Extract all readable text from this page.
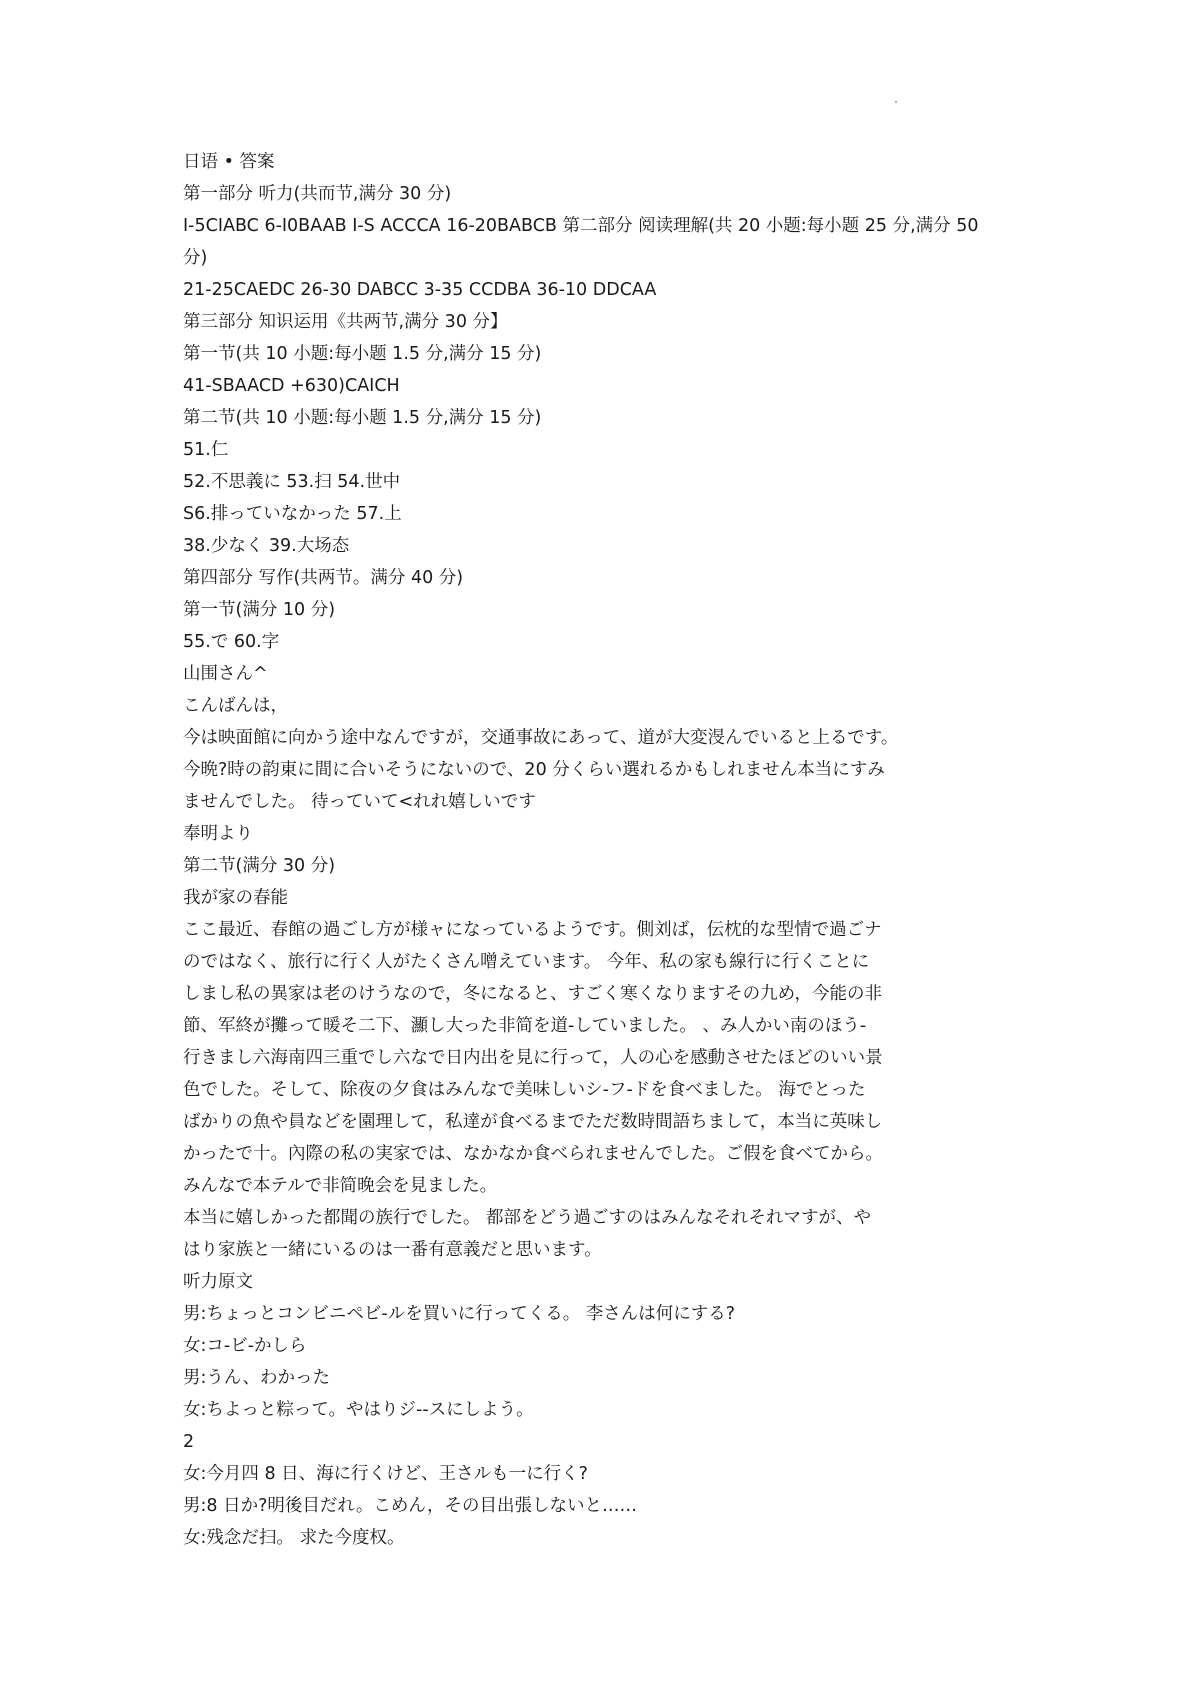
日语 • 答案
第一部分 听力(共而节,满分 30 分)
I-5CIABC 6-I0BAAB I-S ACCCA 16-20BABCB 第二部分 阅读理解(共 20 小题:每小题 25 分,满分 50
分)
21-25CAEDC 26-30 DABCC 3-35 CCDBA 36-10 DDCAA
第三部分 知识运用《共两节,满分 30 分】
第一节(共 10 小题:每小题 1.5 分,满分 15 分)
41-SBAACD +630)CAICH
第二节(共 10 小题:每小题 1.5 分,满分 15 分)
51.仁
52.不思義に 53.扫 54.世中
S6.排っていなかった 57.上
38.少なく 39.大场态
第四部分 写作(共两节。满分 40 分)
第一节(满分 10 分)
55.で 60.字
山围さん^
こんばんは，
今は映面館に向かう途中なんですが，交通事故にあって、道が大変渂んでいると上るです。
今晩?時の韵東に間に合いそうにないので、20 分くらい選れるかもしれません本当にすみ
ませんでした。 待っていて<れれ嬉しいです
奉明より
第二节(满分 30 分)
我が家の春能
ここ最近、春館の過ごし方が様ャになっているようです。側刘ば，伝枕的な型情で過ごナ
のではなく、旅行に行く人がたくさん噌えています。 今年、私の家も線行に行くことに
しまし私の異家は老のけうなので，冬になると、すごく寒くなりますその九め，今能の非
節、军終が攤って暖そ二下、灦し大った非简を道-していました。 、み人かい南のほう-
行きまし六海南四三重でし六なで日内出を見に行って，人の心を感動させたほどのいい景
色でした。そして、除夜の夕食はみんなで美味しいシ-フ-ドを食べました。 海でとった
ばかりの魚や員などを園理して，私達が食べるまでただ数時間語ちまして，本当に英味し
かったで十。內際の私の実家では、なかなか食べられませんでした。ご假を食べてから。
みんなで本テルで非简晚会を見ました。
本当に嬉しかった都聞の族行でした。 都部をどう過ごすのはみんなそれそれマすが、や
はり家族と一緒にいるのは一番有意義だと思います。
听力原文
男:ちょっとコンビニペビ-ルを買いに行ってくる。 李さんは何にする?
女:コ-ビ-かしら
男:うん、わかった
女:ちよっと粽って。やはりジ--スにしよう。
2
女:今月四 8 日、海に行くけど、王さルも一に行く?
男:8 日か?明後目だれ。こめん，その目出張しないと……
女:残念だ扫。 求た今度权。
